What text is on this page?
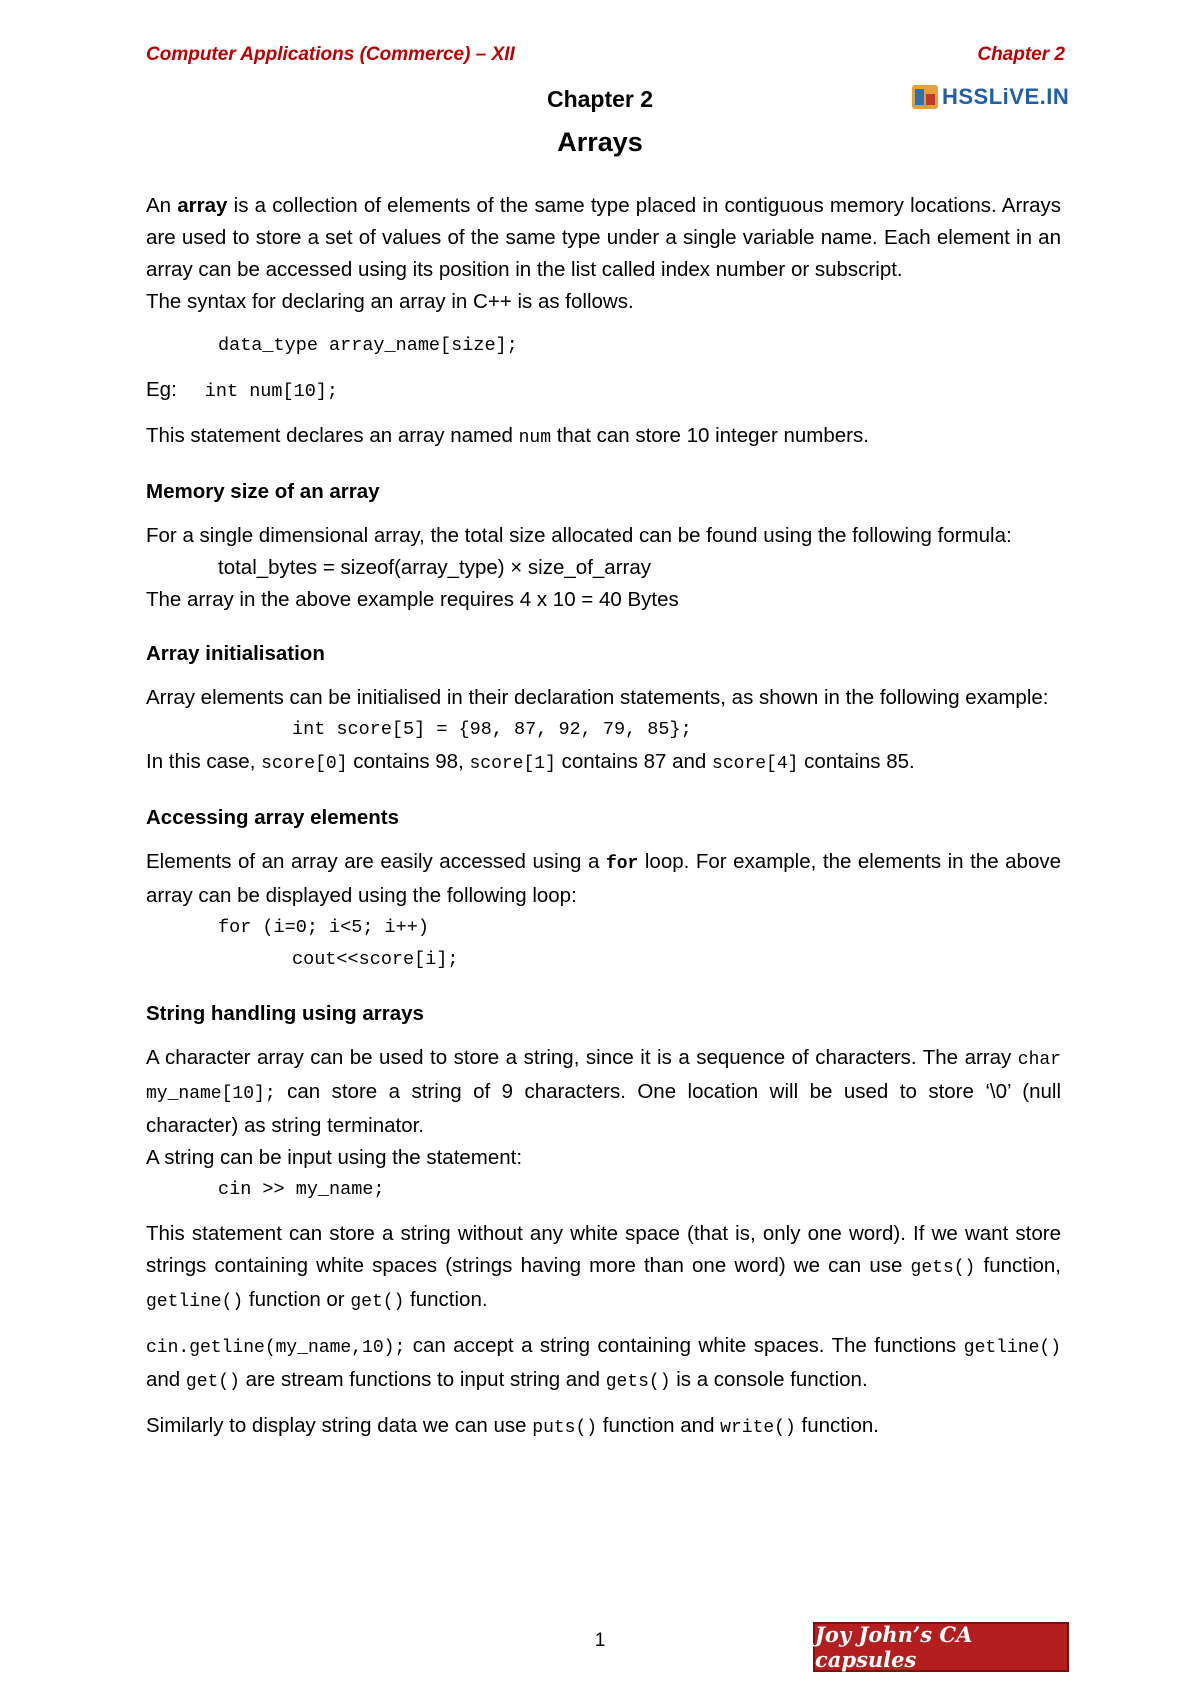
Computer Applications (Commerce) – XII	Chapter 2
HSSLiVE.IN
Chapter 2
Arrays

An array is a collection of elements of the same type placed in contiguous memory locations. Arrays are used to store a set of values of the same type under a single variable name. Each element in an array can be accessed using its position in the list called index number or subscript.

The syntax for declaring an array in C++ is as follows.

data_type array_name[size];
Eg: int num[10];

This statement declares an array named num that can store 10 integer numbers.

Memory size of an array

For a single dimensional array, the total size allocated can be found using the following formula:

total_bytes = sizeof(array_type) × size_of_array

The array in the above example requires 4 x 10 = 40 Bytes

Array initialisation

Array elements can be initialised in their declaration statements, as shown in the following example:

int score[5] = {98, 87, 92, 79, 85};

In this case, score[0] contains 98, score[1] contains 87 and score[4] contains 85.

Accessing array elements

Elements of an array are easily accessed using a for loop. For example, the elements in the above array can be displayed using the following loop:

for (i=0; i<5; i++)
cout<<score[i];

String handling using arrays

A character array can be used to store a string, since it is a sequence of characters. The array char my_name[10]; can store a string of 9 characters. One location will be used to store ‘\0’ (null character) as string terminator.

A string can be input using the statement:

cin >> my_name;

This statement can store a string without any white space (that is, only one word). If we want store strings containing white spaces (strings having more than one word) we can use gets() function, getline() function or get() function.

cin.getline(my_name,10); can accept a string containing white spaces. The functions getline() and get() are stream functions to input string and gets() is a console function.

Similarly to display string data we can use puts() function and write() function.

1	Joy John’s CA capsules
